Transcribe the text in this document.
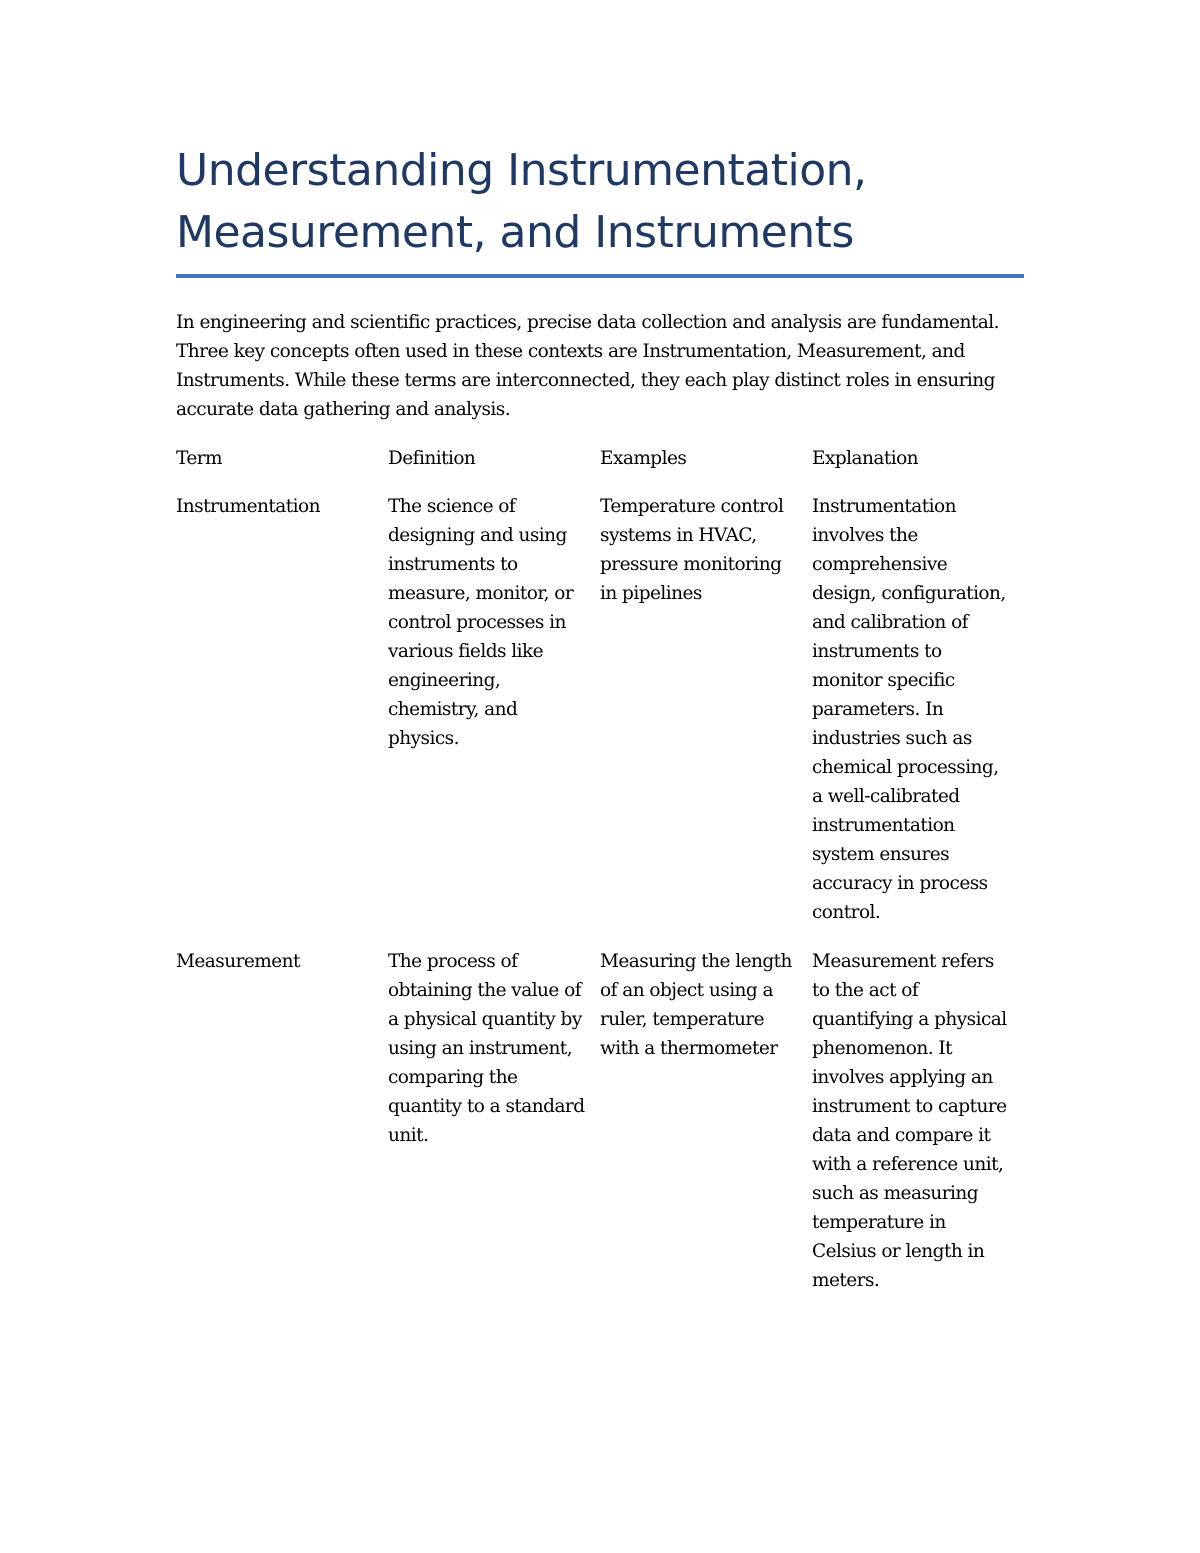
Understanding Instrumentation,
Measurement, and Instruments

In engineering and scientific practices, precise data collection and analysis are fundamental. Three key concepts often used in these contexts are Instrumentation, Measurement, and Instruments. While these terms are interconnected, they each play distinct roles in ensuring accurate data gathering and analysis.

Term	Definition	Examples	Explanation
Instrumentation	The science of designing and using instruments to measure, monitor, or control processes in various fields like engineering, chemistry, and physics.	Temperature control systems in HVAC, pressure monitoring in pipelines	Instrumentation involves the comprehensive design, configuration, and calibration of instruments to monitor specific parameters. In industries such as chemical processing, a well-calibrated instrumentation system ensures accuracy in process control.
Measurement	The process of obtaining the value of a physical quantity by using an instrument, comparing the quantity to a standard unit.	Measuring the length of an object using a ruler, temperature with a thermometer	Measurement refers to the act of quantifying a physical phenomenon. It involves applying an instrument to capture data and compare it with a reference unit, such as measuring temperature in Celsius or length in meters.
